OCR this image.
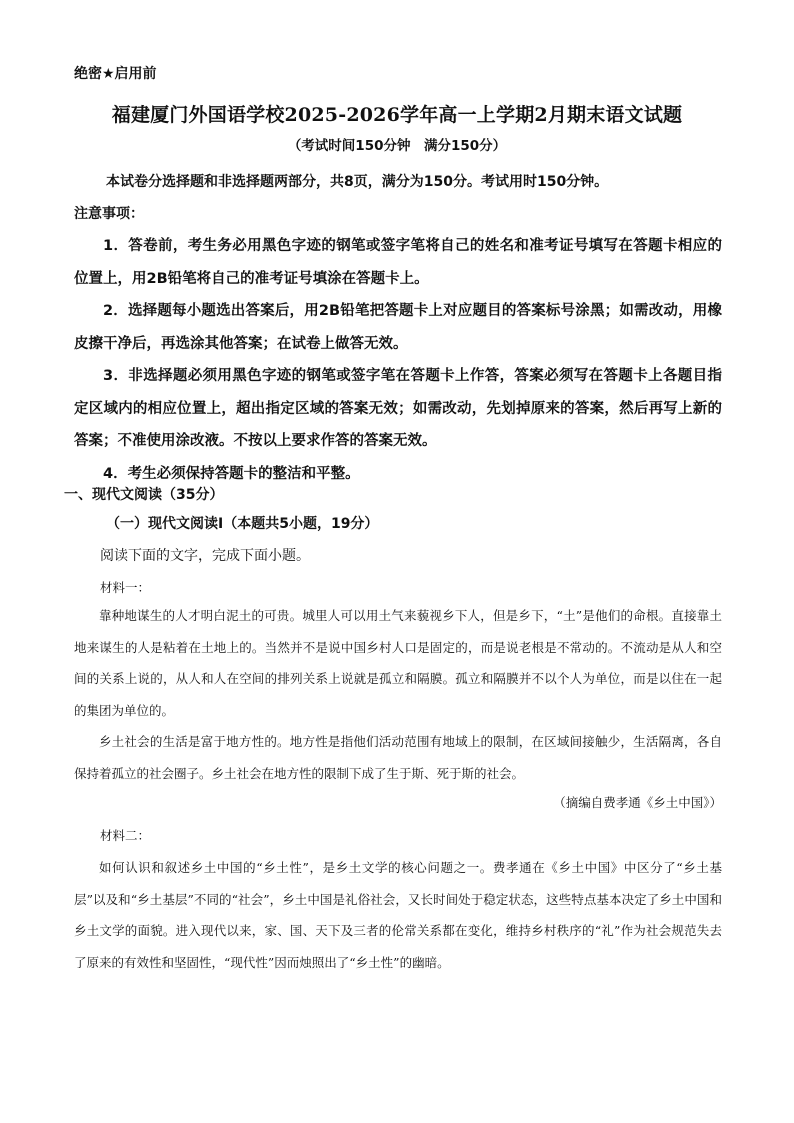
绝密★启用前
福建厦门外国语学校2025-2026学年高一上学期2月期末语文试题
（考试时间150分钟　满分150分）
本试卷分选择题和非选择题两部分，共8页，满分为150分。考试用时150分钟。
注意事项：

1．答卷前，考生务必用黑色字迹的钢笔或签字笔将自己的姓名和准考证号填写在答题卡相应的位置上，用2B铅笔将自己的准考证号填涂在答题卡上。

2．选择题每小题选出答案后，用2B铅笔把答题卡上对应题目的答案标号涂黑；如需改动，用橡皮擦干净后，再选涂其他答案；在试卷上做答无效。

3．非选择题必须用黑色字迹的钢笔或签字笔在答题卡上作答，答案必须写在答题卡上各题目指定区域内的相应位置上，超出指定区域的答案无效；如需改动，先划掉原来的答案，然后再写上新的答案；不准使用涂改液。不按以上要求作答的答案无效。

4．考生必须保持答题卡的整洁和平整。

一、现代文阅读（35分）
（一）现代文阅读Ⅰ（本题共5小题，19分）
阅读下面的文字，完成下面小题。
材料一：

靠种地谋生的人才明白泥土的可贵。城里人可以用土气来藐视乡下人，但是乡下，“土”是他们的命根。直接靠土地来谋生的人是粘着在土地上的。当然并不是说中国乡村人口是固定的，而是说老根是不常动的。不流动是从人和空间的关系上说的，从人和人在空间的排列关系上说就是孤立和隔膜。孤立和隔膜并不以个人为单位，而是以住在一起的集团为单位的。

乡土社会的生活是富于地方性的。地方性是指他们活动范围有地域上的限制，在区域间接触少，生活隔离，各自保持着孤立的社会圈子。乡土社会在地方性的限制下成了生于斯、死于斯的社会。

（摘编自费孝通《乡土中国》）
材料二：

如何认识和叙述乡土中国的“乡土性”，是乡土文学的核心问题之一。费孝通在《乡土中国》中区分了“乡土基层”以及和“乡土基层”不同的“社会”，乡土中国是礼俗社会，又长时间处于稳定状态，这些特点基本决定了乡土中国和乡土文学的面貌。进入现代以来，家、国、天下及三者的伦常关系都在变化，维持乡村秩序的“礼”作为社会规范失去了原来的有效性和坚固性，“现代性”因而烛照出了“乡土性”的幽暗。
